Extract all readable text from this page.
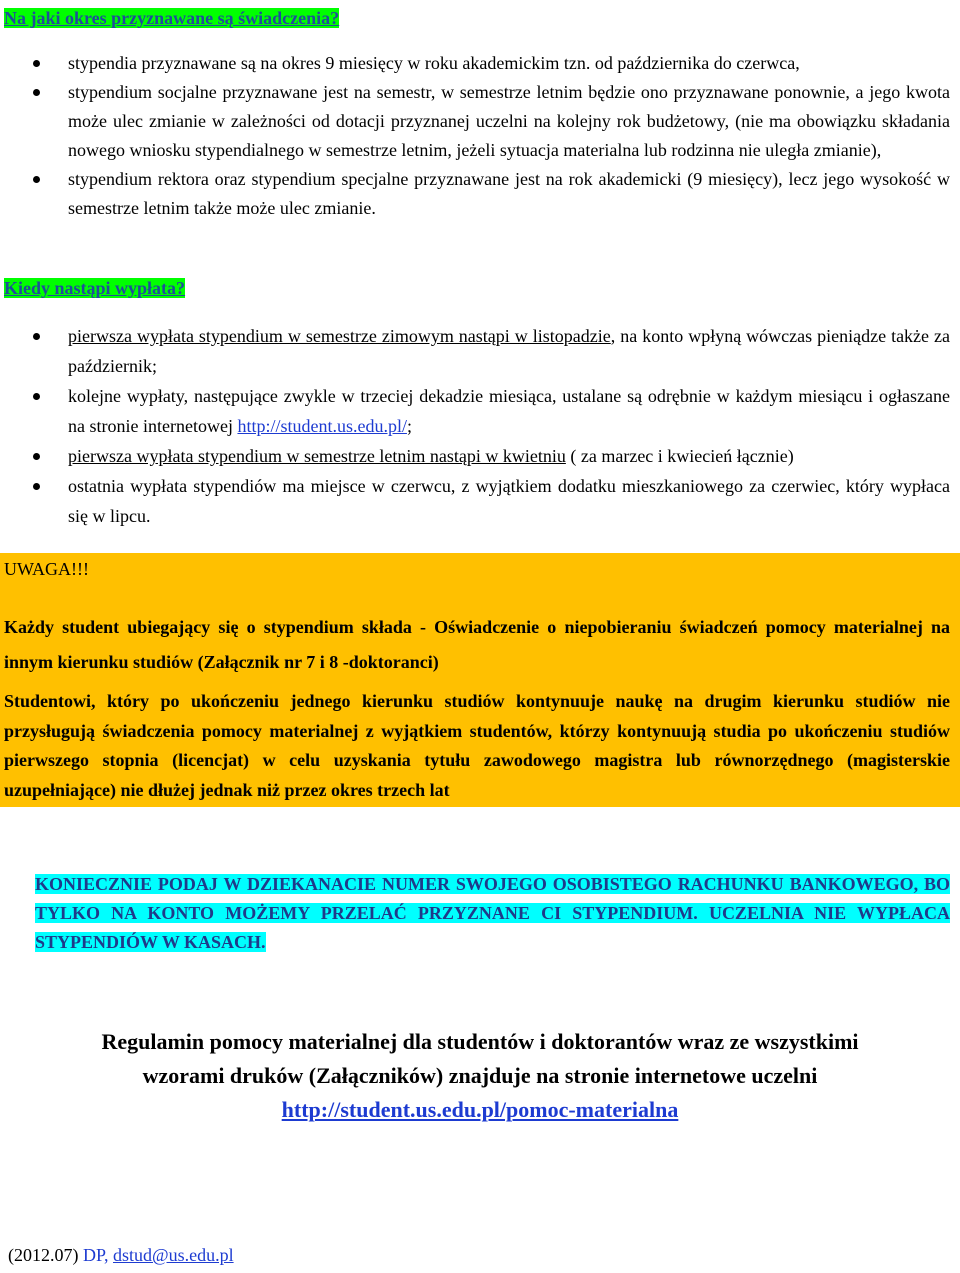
Na jaki okres przyznawane są świadczenia?
stypendia przyznawane są na okres 9 miesięcy w roku akademickim tzn. od października do czerwca,
stypendium socjalne przyznawane jest na semestr, w semestrze letnim będzie ono przyznawane ponownie, a jego kwota może ulec zmianie w zależności od dotacji przyznanej uczelni na kolejny rok budżetowy, (nie ma obowiązku składania nowego wniosku stypendialnego w semestrze letnim, jeżeli sytuacja materialna lub rodzinna nie uległa zmianie),
stypendium rektora oraz stypendium specjalne przyznawane jest na rok akademicki (9 miesięcy), lecz jego wysokość w semestrze letnim także może ulec zmianie.
Kiedy nastąpi wypłata?
pierwsza wypłata stypendium w semestrze zimowym nastąpi w listopadzie, na konto wpłyną wówczas pieniądze także za październik;
kolejne wypłaty, następujące zwykle w trzeciej dekadzie miesiąca, ustalane są odrębnie w każdym miesiącu i ogłaszane na stronie internetowej http://student.us.edu.pl/;
pierwsza wypłata stypendium w semestrze letnim nastąpi w kwietniu ( za marzec i kwiecień łącznie)
ostatnia wypłata stypendiów ma miejsce w czerwcu, z wyjątkiem dodatku mieszkaniowego za czerwiec, który wypłaca się w lipcu.
UWAGA!!!
Każdy student ubiegający się o stypendium składa - Oświadczenie o niepobieraniu świadczeń pomocy materialnej na innym kierunku studiów (Załącznik nr 7 i 8 -doktoranci)
Studentowi, który po ukończeniu jednego kierunku studiów kontynuuje naukę na drugim kierunku studiów nie przysługują świadczenia pomocy materialnej z wyjątkiem studentów, którzy kontynuują studia po ukończeniu studiów pierwszego stopnia (licencjat) w celu uzyskania tytułu zawodowego magistra lub równorzędnego (magisterskie uzupełniające) nie dłużej jednak niż przez okres trzech lat
KONIECZNIE PODAJ W DZIEKANACIE NUMER SWOJEGO OSOBISTEGO RACHUNKU BANKOWEGO, BO TYLKO NA KONTO MOŻEMY PRZELAĆ PRZYZNANE CI STYPENDIUM. UCZELNIA NIE WYPŁACA STYPENDIÓW W KASACH.
Regulamin pomocy materialnej dla studentów i doktorantów wraz ze wszystkimi
wzorami druków (Załączników) znajduje na stronie internetowe uczelni
http://student.us.edu.pl/pomoc-materialna
(2012.07) DP, dstud@us.edu.pl
